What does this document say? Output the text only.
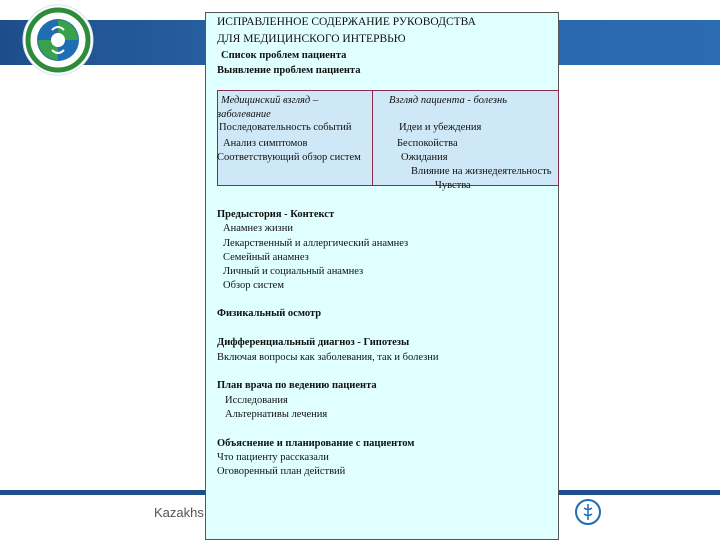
Kazakhs
ИСПРАВЛЕННОЕ СОДЕРЖАНИЕ РУКОВОДСТВА
ДЛЯ МЕДИЦИНСКОГО ИНТЕРВЬЮ
Список проблем пациента
Выявление проблем пациента
Медицинский взгляд –
заболевание
Последовательность событий
Анализ симптомов
Соответствующий обзор систем
Взгляд пациента - болезнь
Идеи и убеждения
Беспокойства
Ожидания
Влияние на жизнедеятельность
Чувства
Предыстория - Контекст
Анамнез жизни
Лекарственный и аллергический анамнез
Семейный анамнез
Личный и социальный анамнез
Обзор систем
Физикальный осмотр
Дифференциальный диагноз - Гипотезы
Включая вопросы как заболевания, так и болезни
План врача по ведению пациента
Исследования
Альтернативы лечения
Объяснение и планирование с пациентом
Что пациенту рассказали
Оговоренный план действий
